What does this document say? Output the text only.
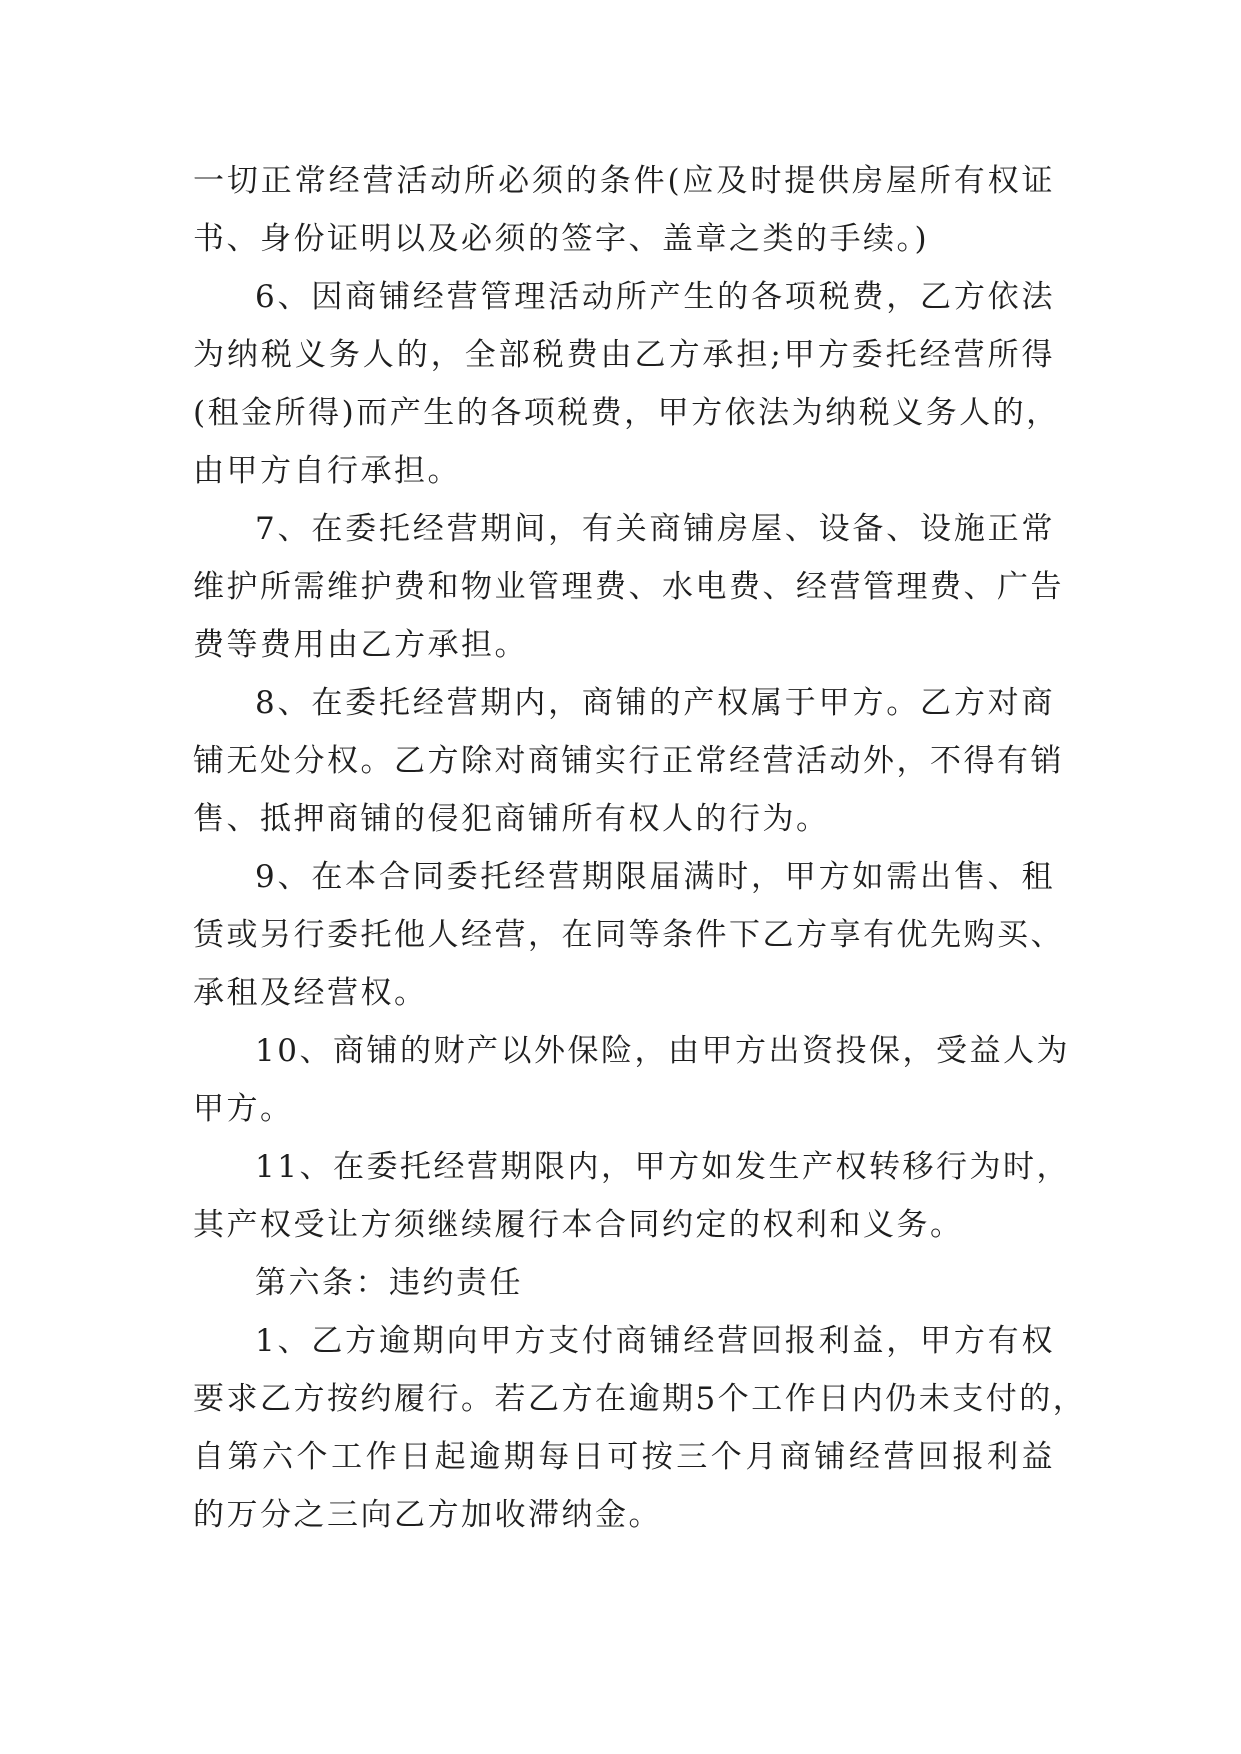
一切正常经营活动所必须的条件(应及时提供房屋所有权证
书、身份证明以及必须的签字、盖章之类的手续。)
6、因商铺经营管理活动所产生的各项税费，乙方依法
为纳税义务人的，全部税费由乙方承担;甲方委托经营所得
(租金所得)而产生的各项税费，甲方依法为纳税义务人的，
由甲方自行承担。
7、在委托经营期间，有关商铺房屋、设备、设施正常
维护所需维护费和物业管理费、水电费、经营管理费、广告
费等费用由乙方承担。
8、在委托经营期内，商铺的产权属于甲方。乙方对商
铺无处分权。乙方除对商铺实行正常经营活动外，不得有销
售、抵押商铺的侵犯商铺所有权人的行为。
9、在本合同委托经营期限届满时，甲方如需出售、租
赁或另行委托他人经营，在同等条件下乙方享有优先购买、
承租及经营权。
10、商铺的财产以外保险，由甲方出资投保，受益人为
甲方。
11、在委托经营期限内，甲方如发生产权转移行为时，
其产权受让方须继续履行本合同约定的权利和义务。
第六条：违约责任
1、乙方逾期向甲方支付商铺经营回报利益，甲方有权
要求乙方按约履行。若乙方在逾期5个工作日内仍未支付的，
自第六个工作日起逾期每日可按三个月商铺经营回报利益
的万分之三向乙方加收滞纳金。
